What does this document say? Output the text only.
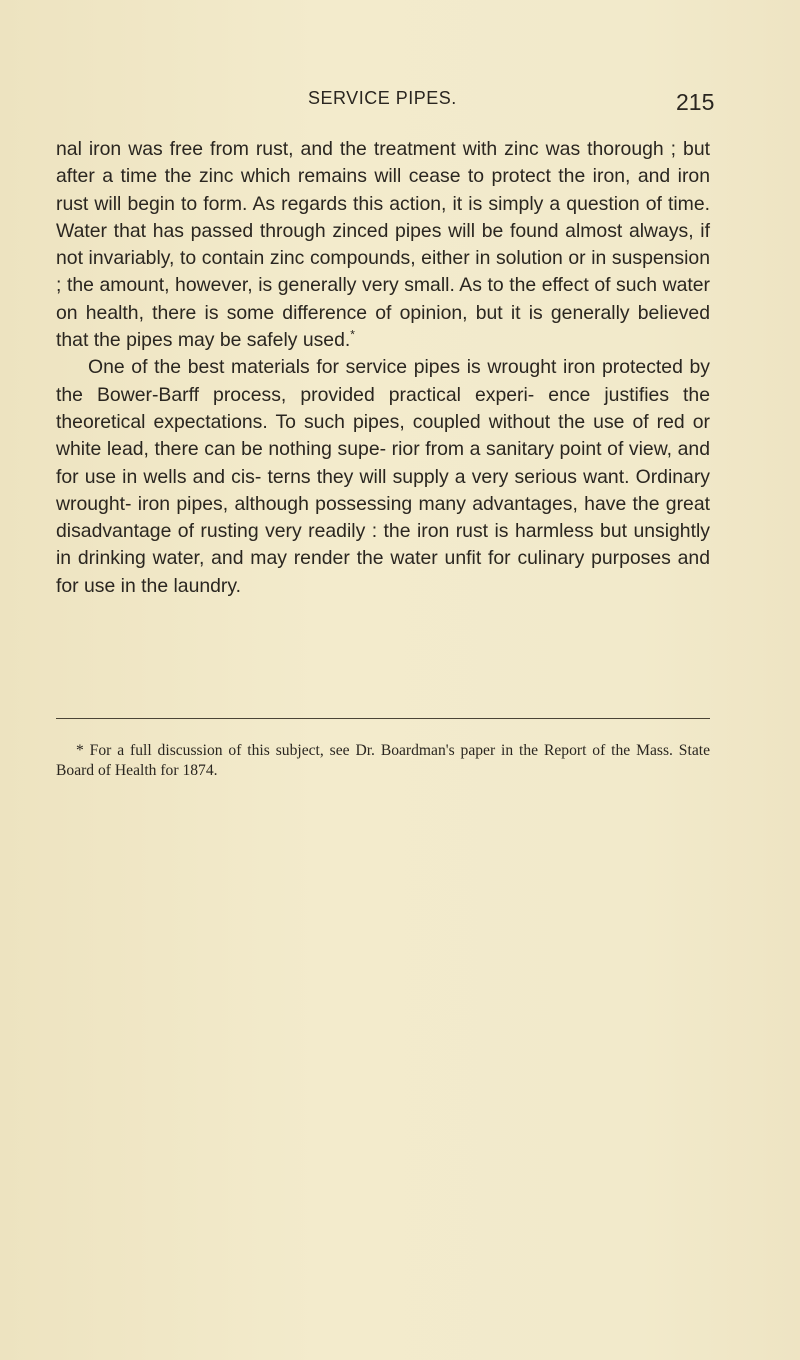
SERVICE PIPES.	215

nal iron was free from rust, and the treatment with zinc was thorough ; but after a time the zinc which remains will cease to protect the iron, and iron rust will begin to form. As regards this action, it is simply a question of time. Water that has passed through zinced pipes will be found almost always, if not invariably, to contain zinc compounds, either in solution or in suspension ; the amount, however, is generally very small. As to the effect of such water on health, there is some difference of opinion, but it is generally believed that the pipes may be safely used.*

One of the best materials for service pipes is wrought iron protected by the Bower-Barff process, provided practical experi- ence justifies the theoretical expectations. To such pipes, coupled without the use of red or white lead, there can be nothing supe- rior from a sanitary point of view, and for use in wells and cis- terns they will supply a very serious want. Ordinary wrought- iron pipes, although possessing many advantages, have the great disadvantage of rusting very readily : the iron rust is harmless but unsightly in drinking water, and may render the water unfit for culinary purposes and for use in the laundry.

* For a full discussion of this subject, see Dr. Boardman's paper in the Report of the Mass. State Board of Health for 1874.
